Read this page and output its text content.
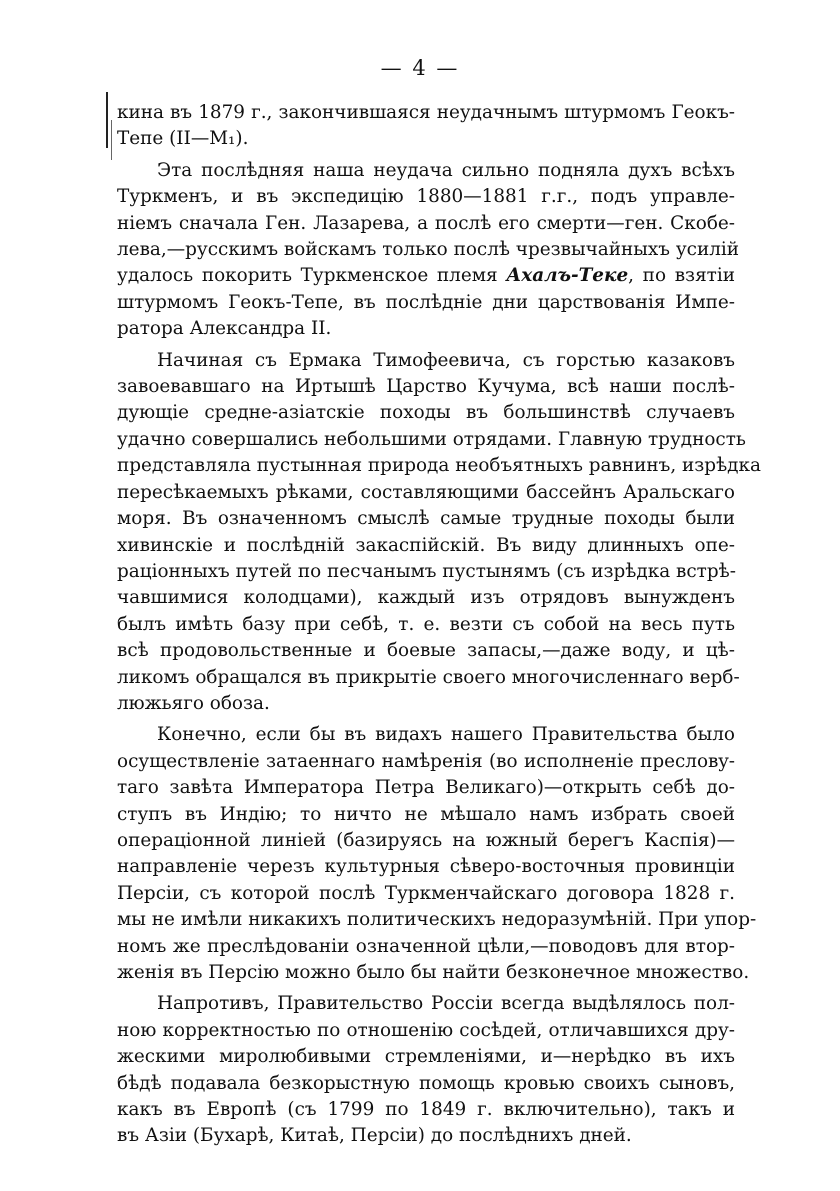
— 4 —

кина въ 1879 г., закончившаяся неудачнымъ штурмомъ Геокъ-
Тепе (II—M₁).

Эта послѣдняя наша неудача сильно подняла духъ всѣхъ
Туркменъ, и въ экспедицію 1880—1881 г.г., подъ управле-
ніемъ сначала Ген. Лазарева, а послѣ его смерти—ген. Скобе-
лева,—русскимъ войскамъ только послѣ чрезвычайныхъ усилій
удалось покорить Туркменское племя Ахалъ-Теке, по взятіи
штурмомъ Геокъ-Тепе, въ послѣдніе дни царствованія Импе-
ратора Александра II.

Начиная съ Ермака Тимофеевича, съ горстью казаковъ
завоевавшаго на Иртышѣ Царство Кучума, всѣ наши послѣ-
дующіе средне-азіатскіе походы въ большинствѣ случаевъ
удачно совершались небольшими отрядами. Главную трудность
представляла пустынная природа необъятныхъ равнинъ, изрѣдка
пересѣкаемыхъ рѣками, составляющими бассейнъ Аральскаго
моря. Въ означенномъ смыслѣ самые трудные походы были
хивинскіе и послѣдній закаспійскій. Въ виду длинныхъ опе-
раціонныхъ путей по песчанымъ пустынямъ (съ изрѣдка встрѣ-
чавшимися колодцами), каждый изъ отрядовъ вынужденъ
былъ имѣть базу при себѣ, т. е. везти съ собой на весь путь
всѣ продовольственные и боевые запасы,—даже воду, и цѣ-
ликомъ обращался въ прикрытіе своего многочисленнаго верб-
люжьяго обоза.

Конечно, если бы въ видахъ нашего Правительства было
осуществленіе затаеннаго намѣренія (во исполненіе пресловy-
таго завѣта Императора Петра Великаго)—открыть себѣ до-
ступъ въ Индію; то ничто не мѣшало намъ избрать своей
операціонной линіей (базируясь на южный берегъ Каспія)—
направленіе черезъ культурныя сѣверо-восточныя провинціи
Персіи, съ которой послѣ Туркменчайскаго договора 1828 г.
мы не имѣли никакихъ политическихъ недоразумѣній. При упор-
номъ же преслѣдованіи означенной цѣли,—поводовъ для втор-
женія въ Персію можно было бы найти безконечное множество.

Напротивъ, Правительство Россіи всегда выдѣлялось пол-
ною корректностью по отношенію сосѣдей, отличавшихся дру-
жескими миролюбивыми стремленіями, и—нерѣдко въ ихъ
бѣдѣ подавала безкорыстную помощь кровью своихъ сыновъ,
какъ въ Европѣ (съ 1799 по 1849 г. включительно), такъ и
въ Азіи (Бухарѣ, Китаѣ, Персіи) до послѣднихъ дней.
